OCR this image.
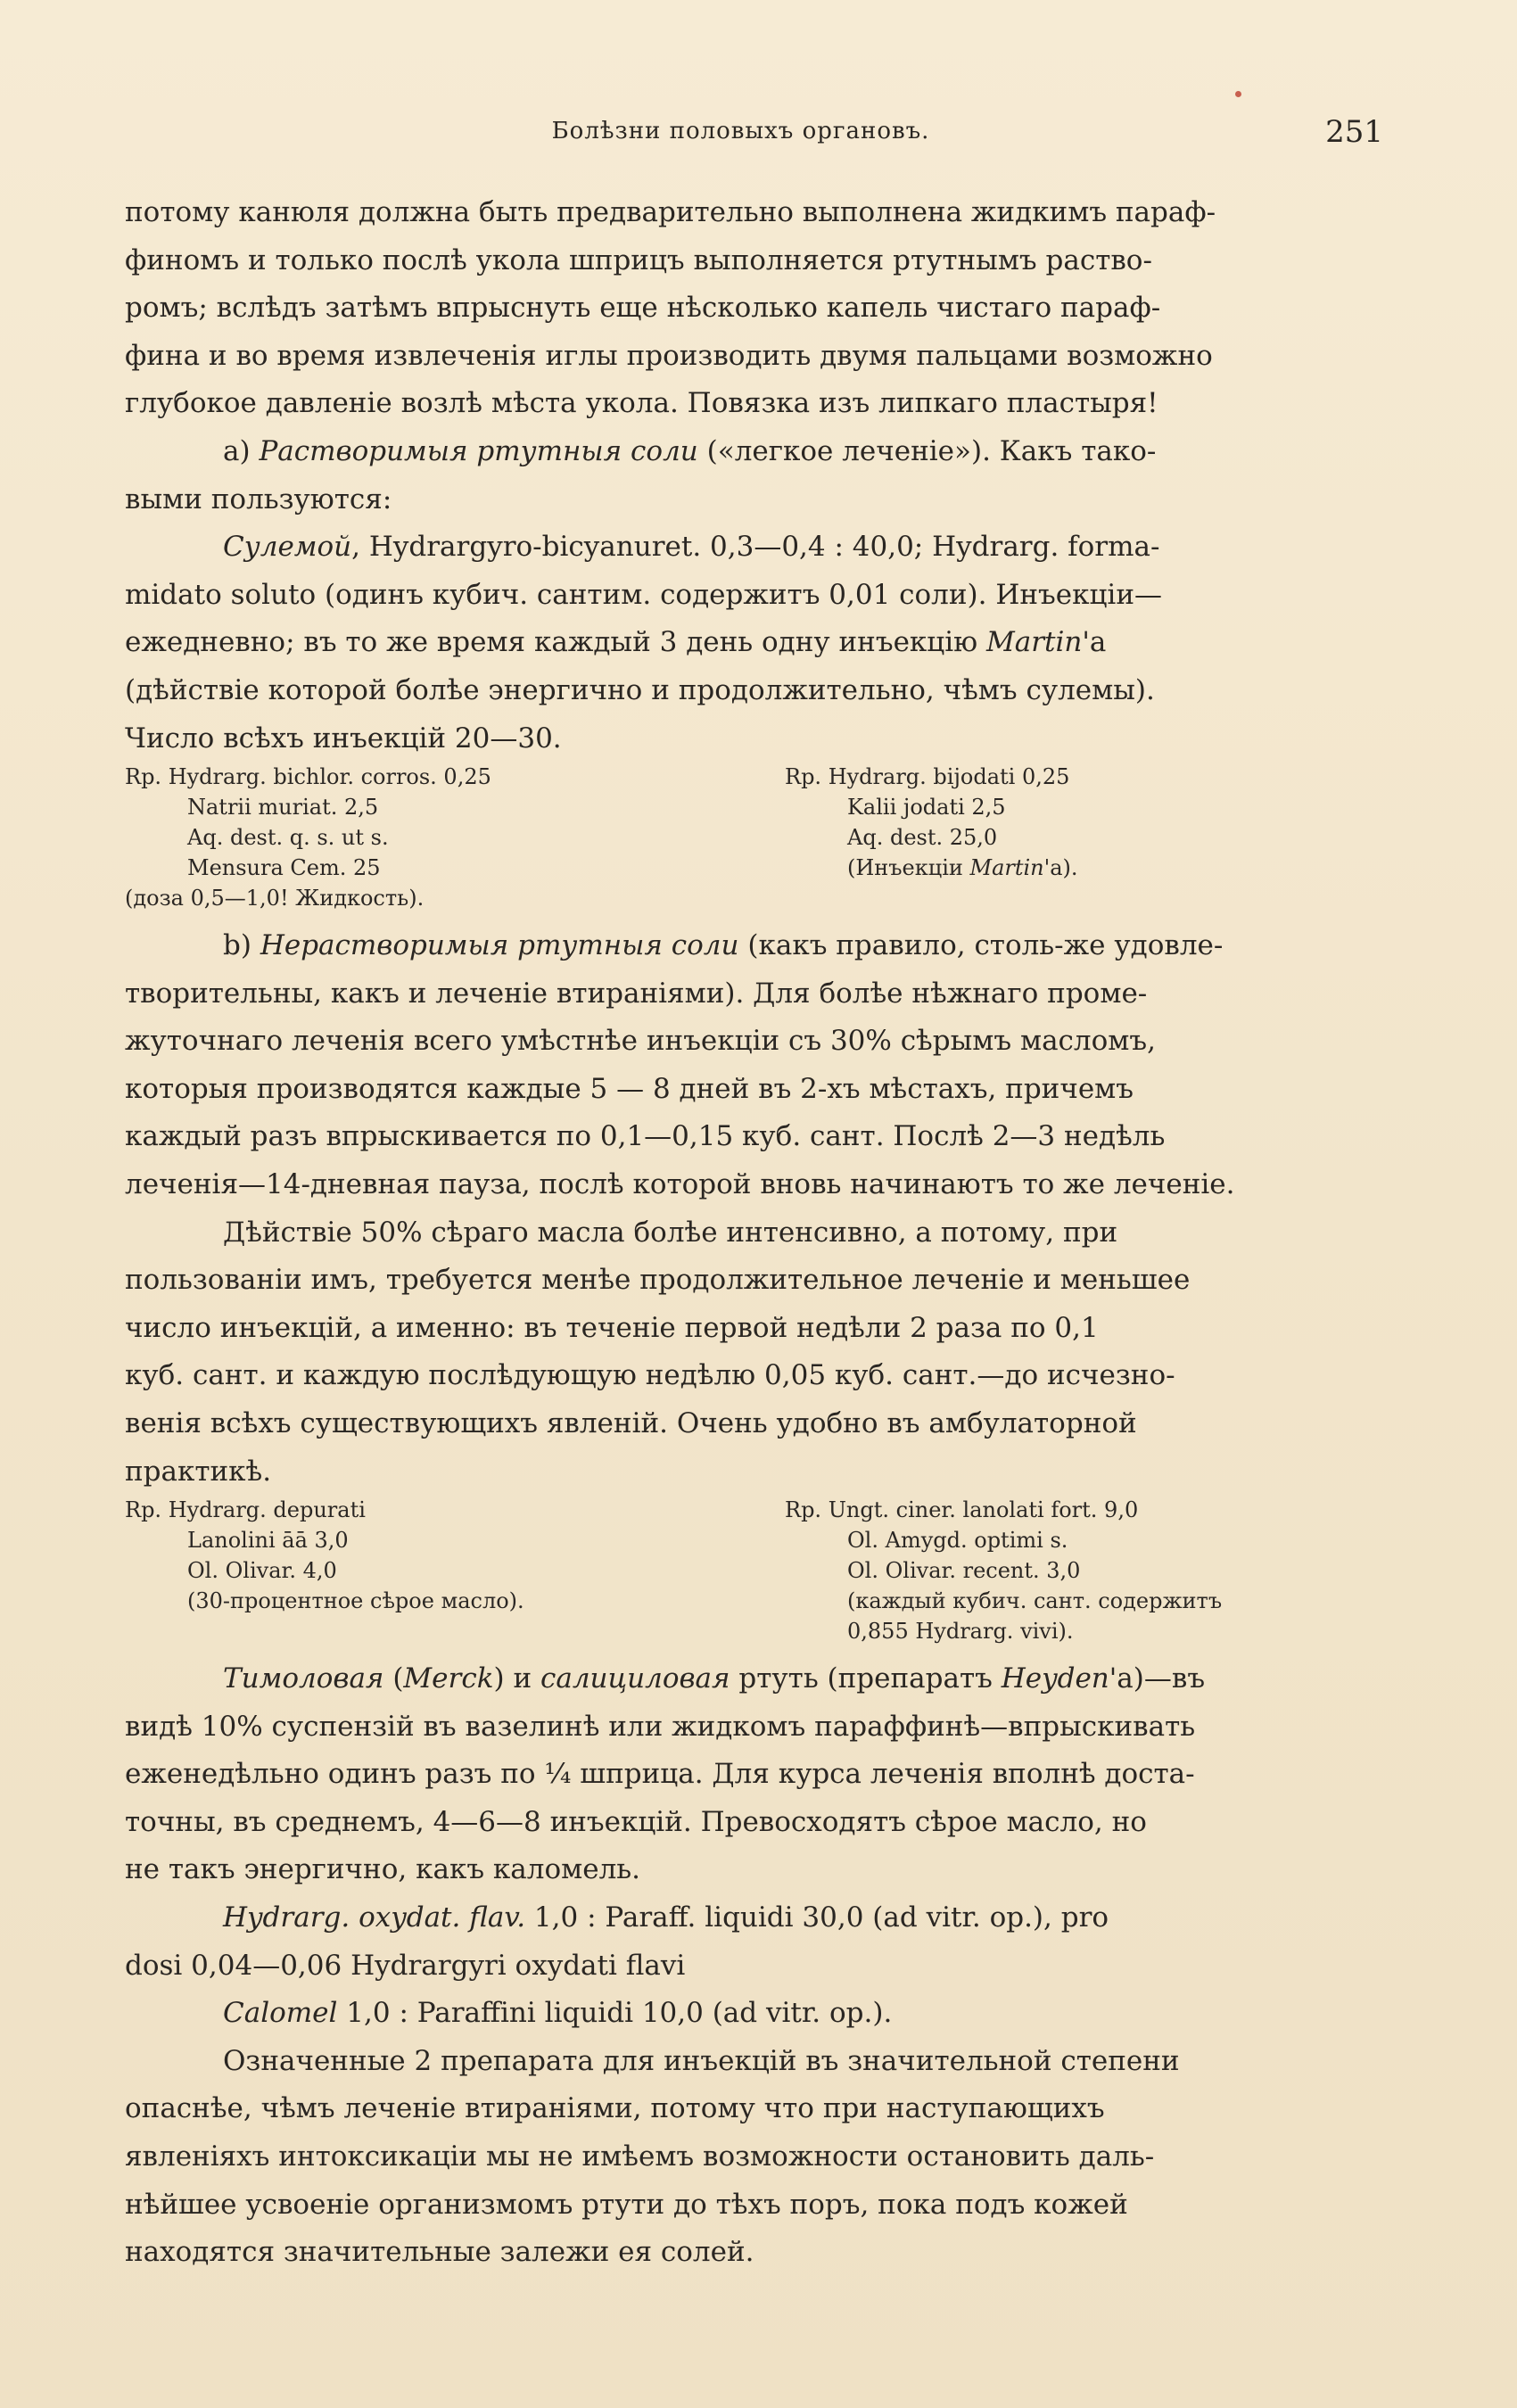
Болѣзни половыхъ органовъ.	251
потому канюля должна быть предварительно выполнена жидкимъ параф-
финомъ и только послѣ укола шприцъ выполняется ртутнымъ раство-
ромъ; вслѣдъ затѣмъ впрыснуть еще нѣсколько капель чистаго параф-
фина и во время извлеченія иглы производить двумя пальцами возможно
глубокое давленіе возлѣ мѣста укола. Повязка изъ липкаго пластыря!
a) Растворимыя ртутныя соли («легкое леченіе»). Какъ тако-
выми пользуются:
Сулемой, Hydrargyro-bicyanuret. 0,3—0,4 : 40,0; Hydrarg. forma-
midato soluto (одинъ кубич. сантим. содержитъ 0,01 соли). Инъекціи—
ежедневно; въ то же время каждый 3 день одну инъекцію Martin'а
(дѣйствіе которой болѣе энергично и продолжительно, чѣмъ сулемы).
Число всѣхъ инъекцій 20—30.
Rp. Hydrarg. bichlor. corros. 0,25
Natrii muriat. 2,5
Aq. dest. q. s. ut s.
Mensura Cem. 25
(доза 0,5—1,0! Жидкость).
Rp. Hydrarg. bijodati 0,25
Kalii jodati 2,5
Aq. dest. 25,0
(Инъекціи Martin'а).
b) Нерастворимыя ртутныя соли (какъ правило, столь-же удовле-
творительны, какъ и леченіе втираніями). Для болѣе нѣжнаго проме-
жуточнаго леченія всего умѣстнѣе инъекціи съ 30% сѣрымъ масломъ,
которыя производятся каждые 5 — 8 дней въ 2-хъ мѣстахъ, причемъ
каждый разъ впрыскивается по 0,1—0,15 куб. сант. Послѣ 2—3 недѣль
леченія—14-дневная пауза, послѣ которой вновь начинаютъ то же леченіе.
Дѣйствіе 50% сѣраго масла болѣе интенсивно, а потому, при
пользованіи имъ, требуется менѣе продолжительное леченіе и меньшее
число инъекцій, а именно: въ теченіе первой недѣли 2 раза по 0,1
куб. сант. и каждую послѣдующую недѣлю 0,05 куб. сант.—до исчезно-
венія всѣхъ существующихъ явленій. Очень удобно въ амбулаторной
практикѣ.
Rp. Hydrarg. depurati
Lanolini āā 3,0
Ol. Olivar. 4,0
(30-процентное сѣрое масло).
Rp. Ungt. ciner. lanolati fort. 9,0
Ol. Amygd. optimi s.
Ol. Olivar. recent. 3,0
(каждый кубич. сант. содержитъ
0,855 Hydrarg. vivi).
Тимоловая (Merck) и салициловая ртуть (препаратъ Heyden'а)—въ
видѣ 10% суспензій въ вазелинѣ или жидкомъ параффинѣ—впрыскивать
еженедѣльно одинъ разъ по ¼ шприца. Для курса леченія вполнѣ доста-
точны, въ среднемъ, 4—6—8 инъекцій. Превосходятъ сѣрое масло, но
не такъ энергично, какъ каломель.
Hydrarg. oxydat. flav. 1,0 : Paraff. liquidi 30,0 (ad vitr. op.), pro
dosi 0,04—0,06 Hydrargyri oxydati flavi
Calomel 1,0 : Paraffini liquidi 10,0 (ad vitr. op.).
Означенные 2 препарата для инъекцій въ значительной степени
опаснѣе, чѣмъ леченіе втираніями, потому что при наступающихъ
явленіяхъ интоксикаціи мы не имѣемъ возможности остановить даль-
нѣйшее усвоеніе организмомъ ртути до тѣхъ поръ, пока подъ кожей
находятся значительные залежи ея солей.
